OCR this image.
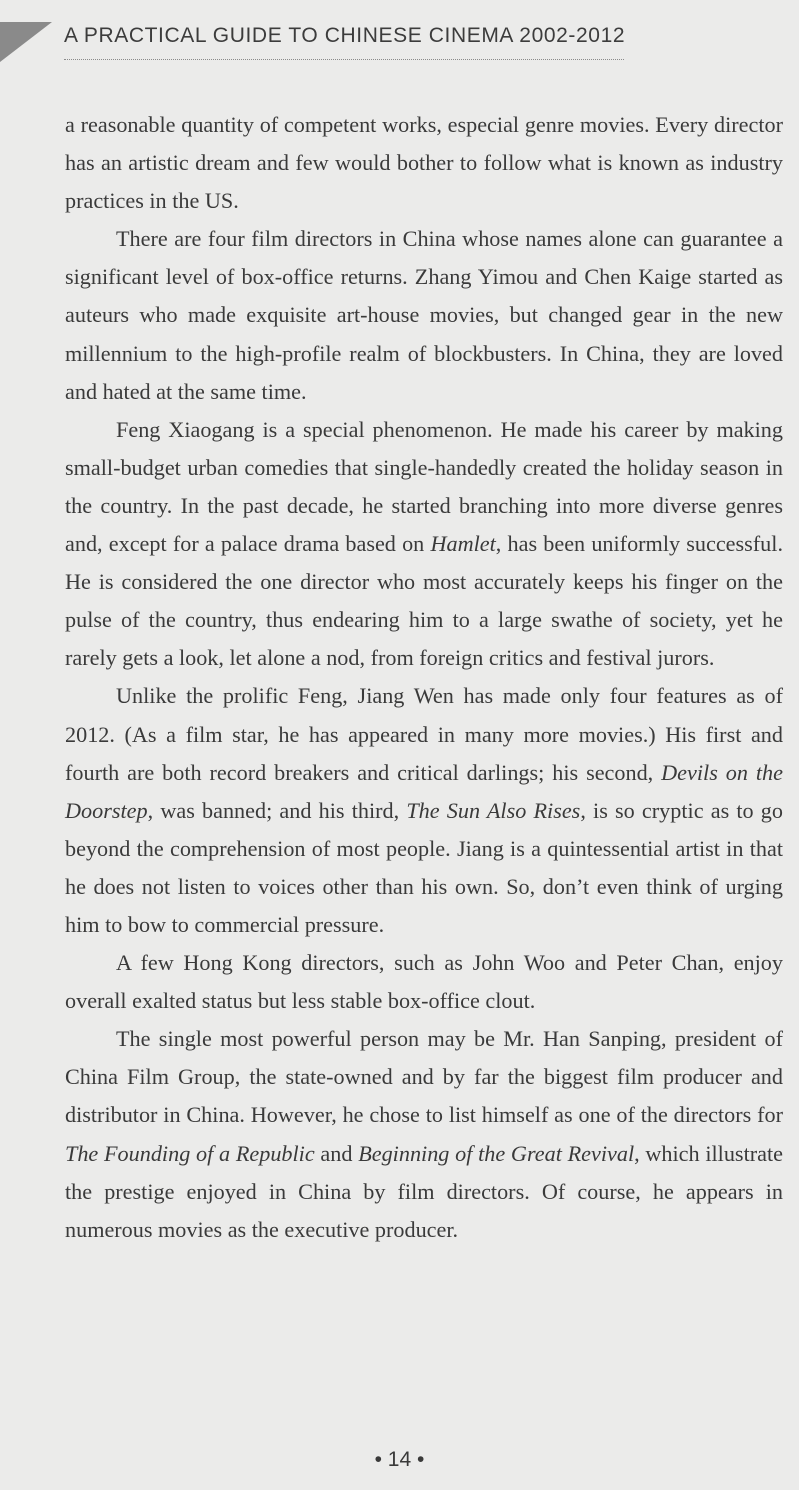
A PRACTICAL GUIDE TO CHINESE CINEMA 2002-2012

a reasonable quantity of competent works, especial genre movies. Every director has an artistic dream and few would bother to follow what is known as industry practices in the US.

There are four film directors in China whose names alone can guarantee a significant level of box-office returns. Zhang Yimou and Chen Kaige started as auteurs who made exquisite art-house movies, but changed gear in the new millennium to the high-profile realm of blockbusters. In China, they are loved and hated at the same time.

Feng Xiaogang is a special phenomenon. He made his career by making small-budget urban comedies that single-handedly created the holiday season in the country. In the past decade, he started branching into more diverse genres and, except for a palace drama based on Hamlet, has been uniformly successful. He is considered the one director who most accurately keeps his finger on the pulse of the country, thus endearing him to a large swathe of society, yet he rarely gets a look, let alone a nod, from foreign critics and festival jurors.

Unlike the prolific Feng, Jiang Wen has made only four features as of 2012. (As a film star, he has appeared in many more movies.) His first and fourth are both record breakers and critical darlings; his second, Devils on the Doorstep, was banned; and his third, The Sun Also Rises, is so cryptic as to go beyond the comprehension of most people. Jiang is a quintessential artist in that he does not listen to voices other than his own. So, don’t even think of urging him to bow to commercial pressure.

A few Hong Kong directors, such as John Woo and Peter Chan, enjoy overall exalted status but less stable box-office clout.

The single most powerful person may be Mr. Han Sanping, president of China Film Group, the state-owned and by far the biggest film producer and distributor in China. However, he chose to list himself as one of the directors for The Founding of a Republic and Beginning of the Great Revival, which illustrate the prestige enjoyed in China by film directors. Of course, he appears in numerous movies as the executive producer.

• 14 •
